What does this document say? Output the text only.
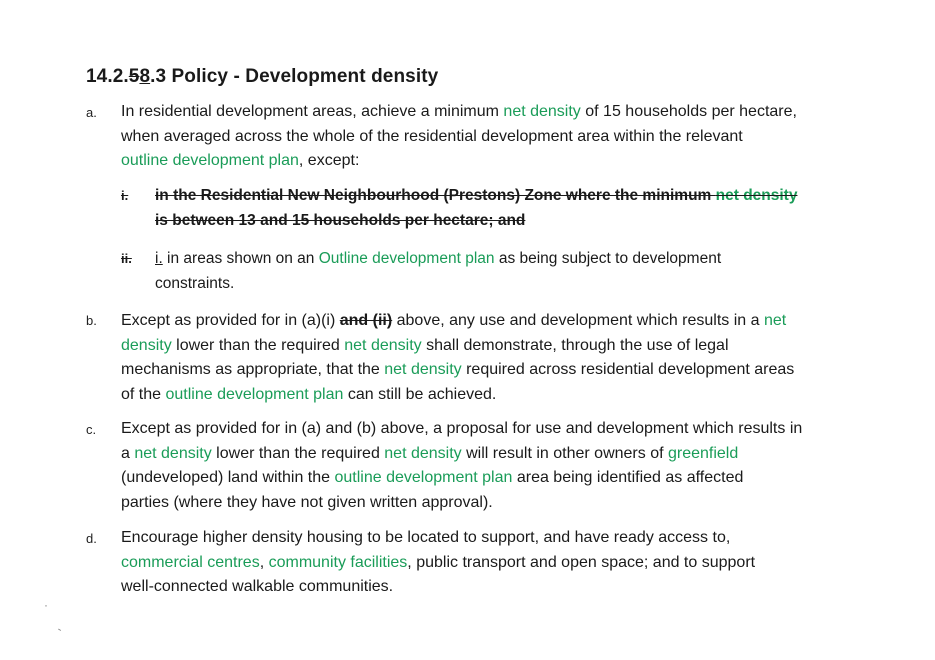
14.2.58.3 Policy - Development density
a. In residential development areas, achieve a minimum net density of 15 households per hectare,
when averaged across the whole of the residential development area within the relevant
outline development plan, except:
i. in the Residential New Neighbourhood (Prestons) Zone where the minimum net density
is between 13 and 15 households per hectare; and
ii. i. in areas shown on an Outline development plan as being subject to development
constraints.
b. Except as provided for in (a)(i) and (ii) above, any use and development which results in a net
density lower than the required net density shall demonstrate, through the use of legal
mechanisms as appropriate, that the net density required across residential development areas
of the outline development plan can still be achieved.
c. Except as provided for in (a) and (b) above, a proposal for use and development which results in
a net density lower than the required net density will result in other owners of greenfield
(undeveloped) land within the outline development plan area being identified as affected
parties (where they have not given written approval).
d. Encourage higher density housing to be located to support, and have ready access to,
commercial centres, community facilities, public transport and open space; and to support
well-connected walkable communities.
·
-
